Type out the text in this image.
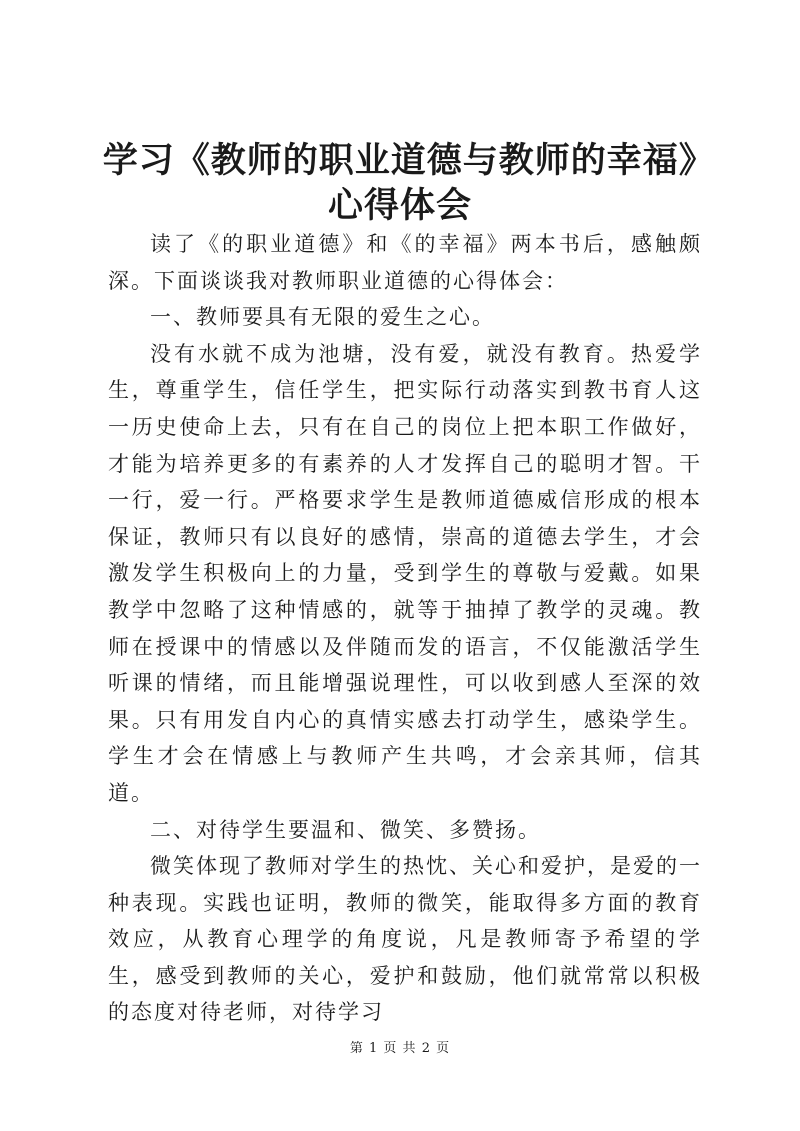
学习《教师的职业道德与教师的幸福》心得体会

读了《的职业道德》和《的幸福》两本书后，感触颇深。下面谈谈我对教师职业道德的心得体会：

一、教师要具有无限的爱生之心。

没有水就不成为池塘，没有爱，就没有教育。热爱学生，尊重学生，信任学生，把实际行动落实到教书育人这一历史使命上去，只有在自己的岗位上把本职工作做好，才能为培养更多的有素养的人才发挥自己的聪明才智。干一行，爱一行。严格要求学生是教师道德威信形成的根本保证，教师只有以良好的感情，崇高的道德去学生，才会激发学生积极向上的力量，受到学生的尊敬与爱戴。如果教学中忽略了这种情感的，就等于抽掉了教学的灵魂。教师在授课中的情感以及伴随而发的语言，不仅能激活学生听课的情绪，而且能增强说理性，可以收到感人至深的效果。只有用发自内心的真情实感去打动学生，感染学生。学生才会在情感上与教师产生共鸣，才会亲其师，信其道。

二、对待学生要温和、微笑、多赞扬。

微笑体现了教师对学生的热忱、关心和爱护，是爱的一种表现。实践也证明，教师的微笑，能取得多方面的教育效应，从教育心理学的角度说，凡是教师寄予希望的学生，感受到教师的关心，爱护和鼓励，他们就常常以积极的态度对待老师，对待学习

第 1 页 共 2 页
